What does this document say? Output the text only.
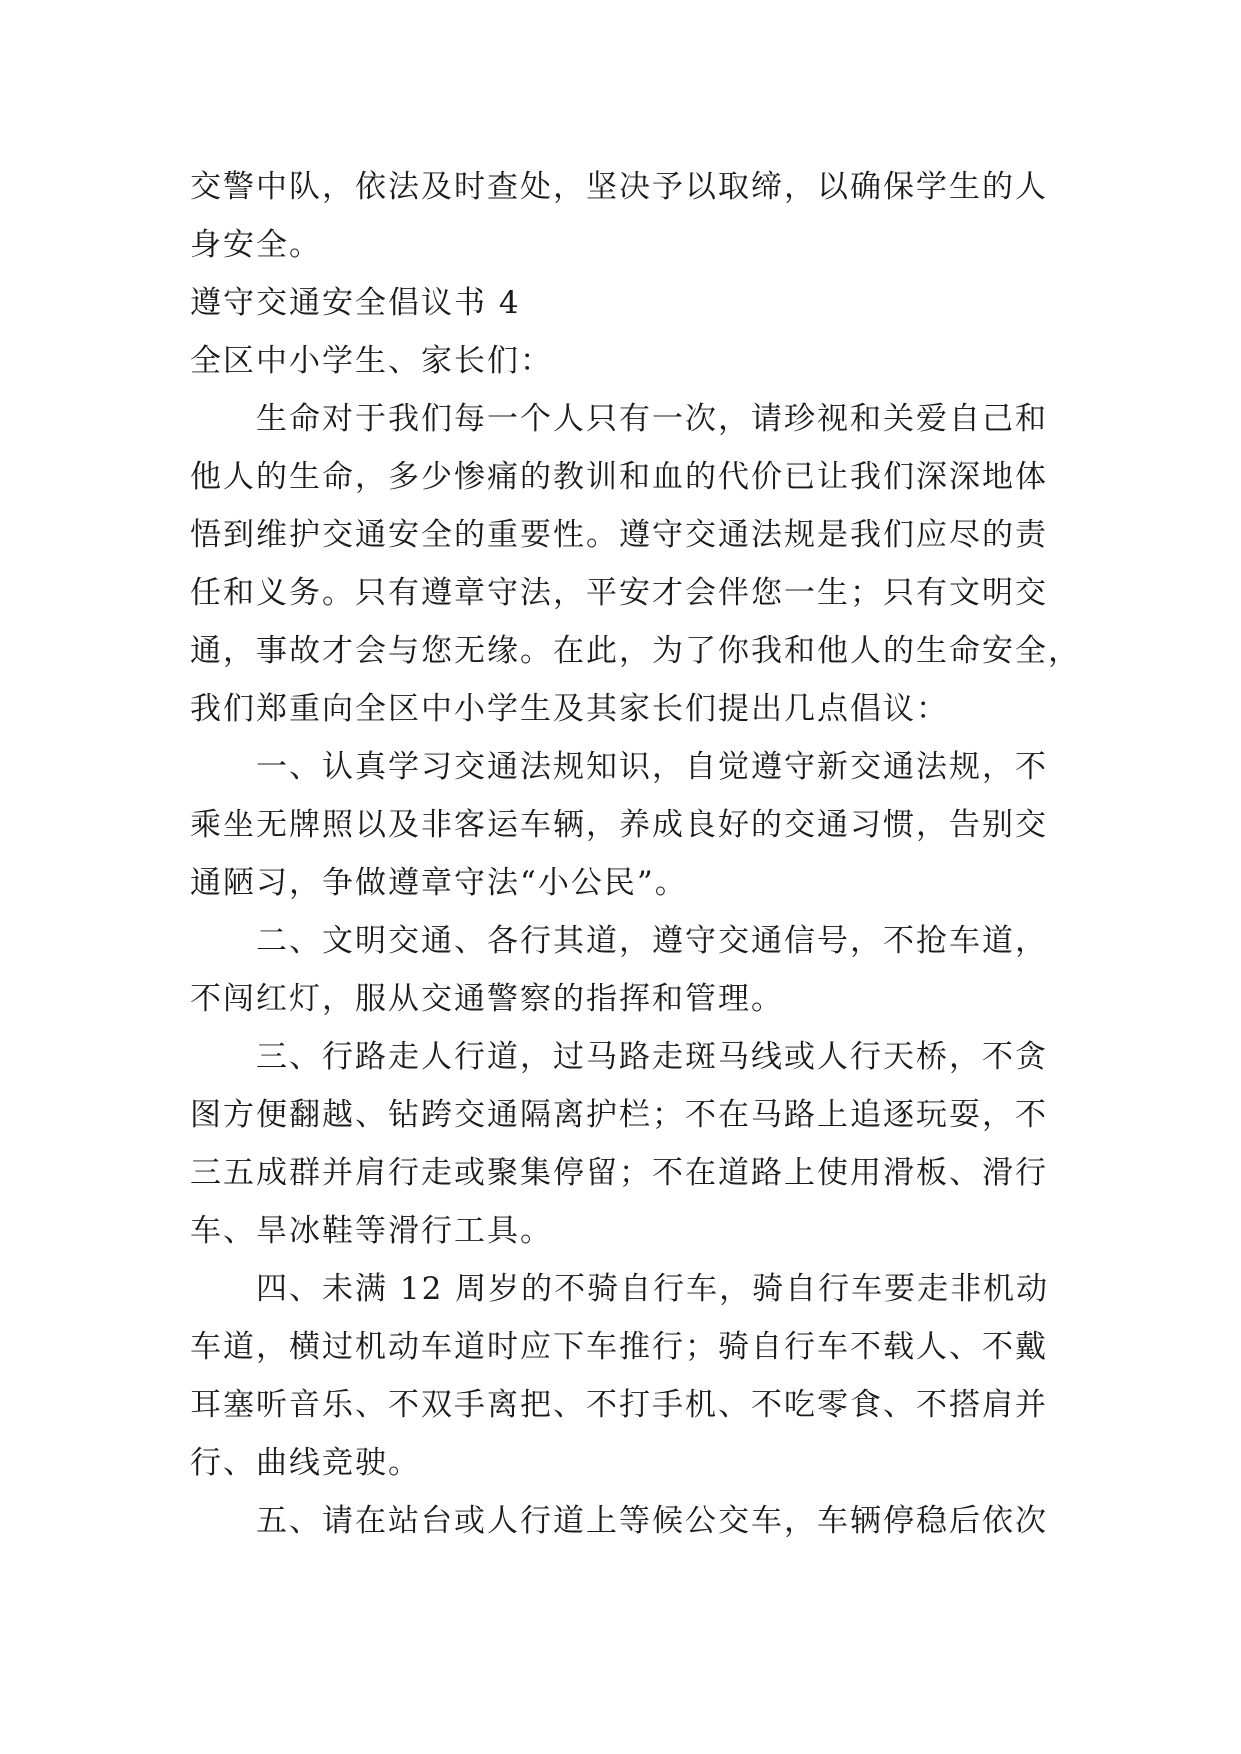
交警中队，依法及时查处，坚决予以取缔，以确保学生的人

身安全。

遵守交通安全倡议书 4

全区中小学生、家长们：

生命对于我们每一个人只有一次，请珍视和关爱自己和

他人的生命，多少惨痛的教训和血的代价已让我们深深地体

悟到维护交通安全的重要性。遵守交通法规是我们应尽的责

任和义务。只有遵章守法，平安才会伴您一生；只有文明交

通，事故才会与您无缘。在此，为了你我和他人的生命安全，

我们郑重向全区中小学生及其家长们提出几点倡议：

一、认真学习交通法规知识，自觉遵守新交通法规，不

乘坐无牌照以及非客运车辆，养成良好的交通习惯，告别交

通陋习，争做遵章守法“小公民”。

二、文明交通、各行其道，遵守交通信号，不抢车道，

不闯红灯，服从交通警察的指挥和管理。

三、行路走人行道，过马路走斑马线或人行天桥，不贪

图方便翻越、钻跨交通隔离护栏；不在马路上追逐玩耍，不

三五成群并肩行走或聚集停留；不在道路上使用滑板、滑行

车、旱冰鞋等滑行工具。

四、未满 12 周岁的不骑自行车，骑自行车要走非机动

车道，横过机动车道时应下车推行；骑自行车不载人、不戴

耳塞听音乐、不双手离把、不打手机、不吃零食、不搭肩并

行、曲线竞驶。

五、请在站台或人行道上等候公交车，车辆停稳后依次
